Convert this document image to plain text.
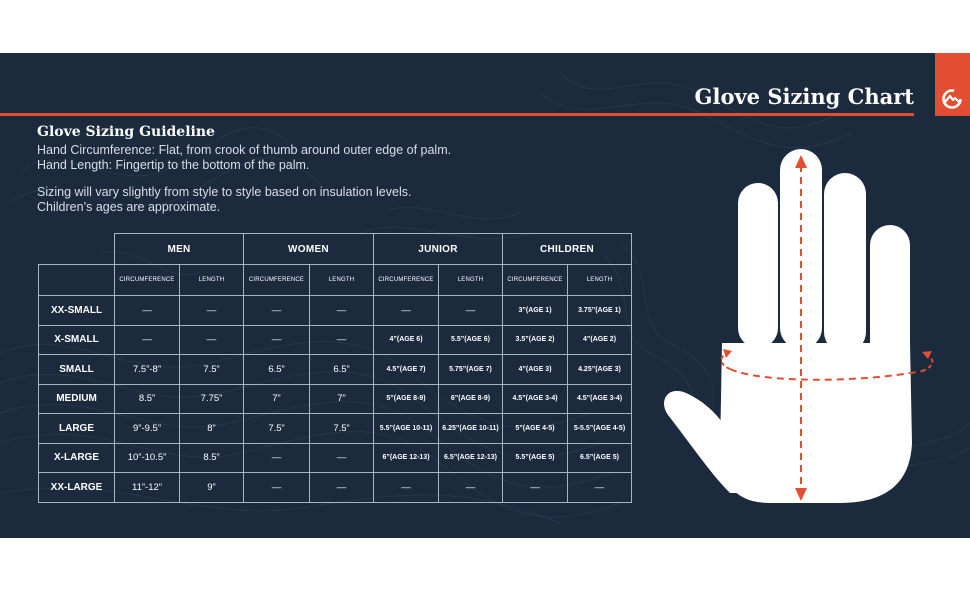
Glove Sizing Chart
Glove Sizing Guideline

Hand Circumference: Flat, from crook of thumb around outer edge of palm.

Hand Length: Fingertip to the bottom of the palm.

Sizing will vary slightly from style to style based on insulation levels.

Children’s ages are approximate.

	MEN		WOMEN		JUNIOR		CHILDREN	
	CIRCUMFERENCE	LENGTH	CIRCUMFERENCE	LENGTH	CIRCUMFERENCE	LENGTH	CIRCUMFERENCE	LENGTH
XX-SMALL	—	—	—	—	—	—	3”(AGE 1)	3.75”(AGE 1)
X-SMALL	—	—	—	—	4”(AGE 6)	5.5”(AGE 6)	3.5”(AGE 2)	4”(AGE 2)
SMALL	7.5”-8”	7.5”	6.5”	6.5”	4.5”(AGE 7)	5.75”(AGE 7)	4”(AGE 3)	4.25”(AGE 3)
MEDIUM	8.5”	7.75”	7”	7”	5”(AGE 8-9)	6”(AGE 8-9)	4.5”(AGE 3-4)	4.5”(AGE 3-4)
LARGE	9”-9.5”	8”	7.5”	7.5”	5.5”(AGE 10-11)	6.25”(AGE 10-11)	5”(AGE 4-5)	5-5.5”(AGE 4-5)
X-LARGE	10”-10.5”	8.5”	—	—	6”(AGE 12-13)	6.5”(AGE 12-13)	5.5”(AGE 5)	6.5”(AGE 5)
XX-LARGE	11”-12”	9”	—	—	—	—	—	—
